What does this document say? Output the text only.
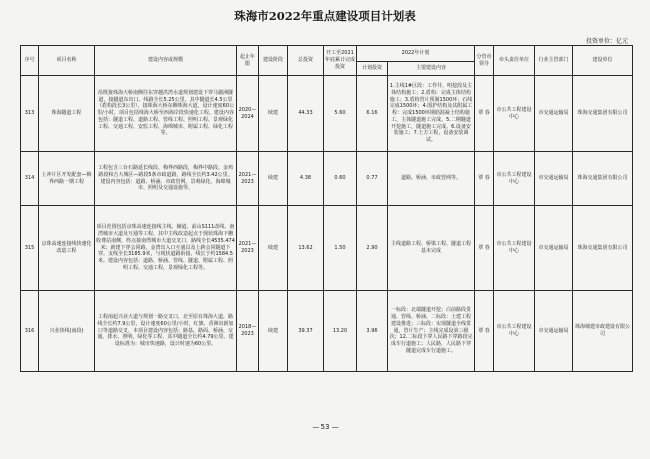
珠海市2022年重点建设项目计划表
投资单位：亿元
序号	项目名称	建设内容或规模	起止年限	建设阶段	总投资	开工至2021年底累计完成投资	2022年计划		分管市领导	牵头责任单位	行业主管部门	建设单位
							计划投资	主要建设内容				
313	珠海隧道工程	沿既拢珠海大桥南侧往东穿越洪湾水道规划建设下穿马骝洲隧道，接隧道东出口。线路全长5.25公里，其中隧道长4.5公里（盾构段长3公里），接珠海大桥东侧珠海大道，设计速度60公里/小时，项目包括珠海大桥至西海岸段快速化工程。建设内容包括：隧道工程、道路工程、管线工程、照明工程、景观绿化工程、交通工程、安监工程、海绵城市、附属工程、绿化工程等。	2020—2024	续建	44.33	5.60	6.16	1.主线1#区段：工作井，明挖段及主体结构施工；2.盾构：完成主体结构施工；3.盾构管片预制1500环；石线完成1500环；4.围护结构及其附属工程：完成1500环钢筋混凝土结构施工，主体隧道施工完成。5.二期隧道开挖施工，隧道施工完成。6.设备安装施工；7.土方工程，设备安装调试。	覃 春	市公共工程建设中心	市交通运输局	珠海交通集团有限公司
314	上冲片区开发配套—梅界西路一期工程	工程包含三台石路延长线段、梅界西路段，梅界中路段、金鸡路段和吉大城区—路段5条市政道路，路线全长约3.42公里。建设内容包括：道路、桥涵、市政管网、景观绿化、海绵城市、照明及交通设施等。	2021—2023	续建	4.38	0.60	0.77	道路、桥涵、市政管网等。	覃 春	市公共工程建设中心	市交通运输局	珠海交通集团有限公司
315	京珠高速连接线快速化改造工程	项目范围包括京珠高速连接线主线、辅道、前山S111改线、南湾城市大道及互通等工程，其中主线改造起点于现状珠海下栅收费站南侧，终点接南湾城市大道交叉口，路线全长4535.474米；新建下穿会同路、金湾出入口互通以及上跨会同隧道下穿。支线全长3185.9米，与现状道路衔接，线长于约1584.5米。建设内容包括：道路、桥涵、管线、隧道、附属工程、照明工程、交通工程、景观绿化工程等。	2021—2023	续建	13.62	1.50	2.90	主线道路工程、桥梁工程、隧道工程基本完成	覃 春	市公共工程建设中心	市交通运输局	珠海交通集团有限公司
316	兴业快线(南段)	工程南起兴业大道与规划一路交叉口，北至原有珠海大道，路线全长约7.9公里，设计速度60公里/小时，红旗、香洲出新加口等道路交叉，本项目建设内容包括：路基、路面、桥涵、交通、排水、照明、绿化等工程，其中隧道全长约4.79公里。建设标准为：城市快速路，设计时速为60公里。	2018—2023	续建	39.37	13.20	3.96	一标段：北端隧道开挖；白前路段贯通、管线、桥涵、二标段：土建工程建设推进；三标段：实现隧道全线贯通，管片生产；主线完成设第三级次；12.二标段下穿人民路下穿路段完成车行道施工；人民路，人民路下穿隧道完成车行道施工。	覃 春	市公共工程建设中心	市交通运输局	珠海城建市政建设有限公司
— 53 —
